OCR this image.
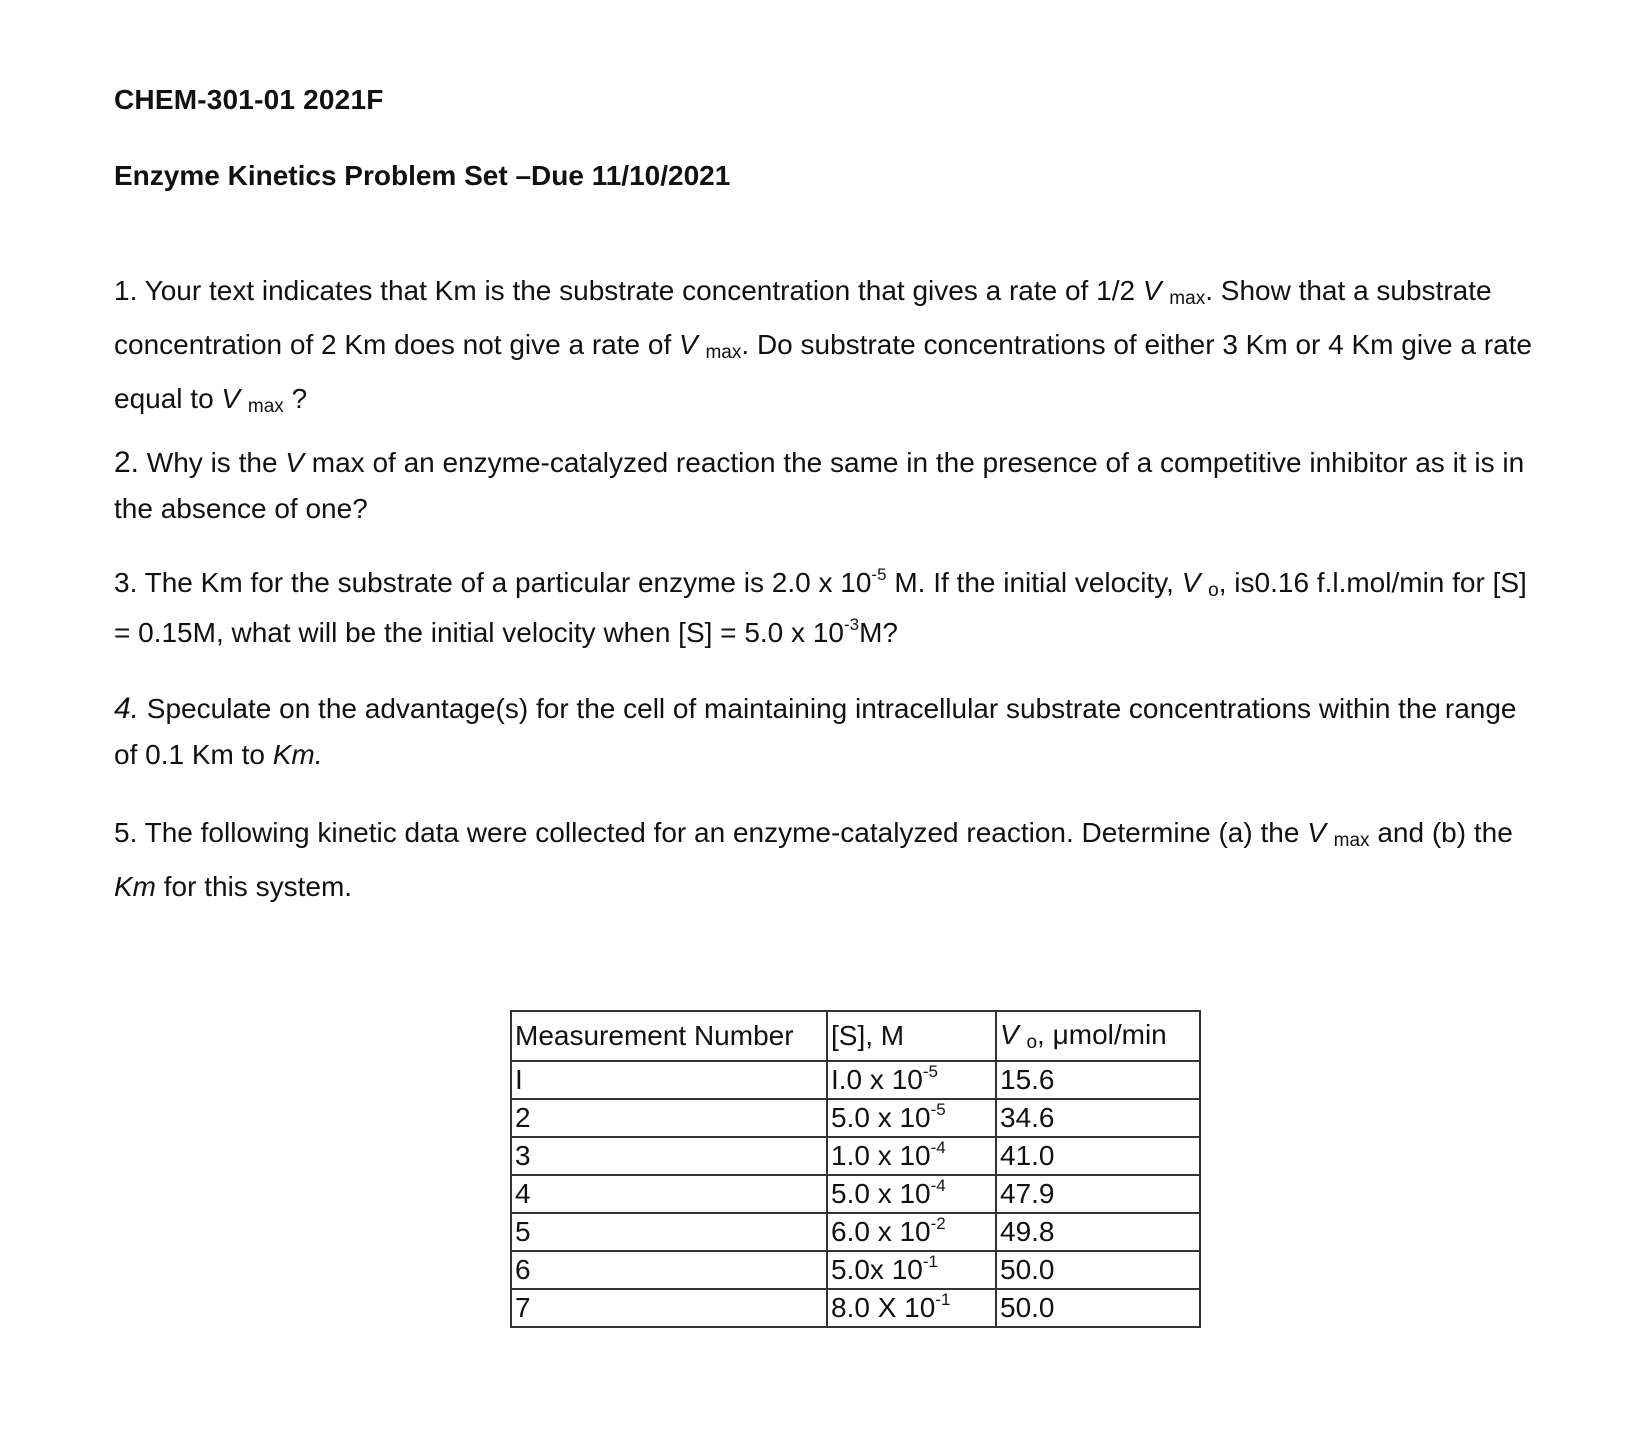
CHEM-301-01 2021F
Enzyme Kinetics Problem Set –Due 11/10/2021
1. Your text indicates that Km is the substrate concentration that gives a rate of 1/2 V $_{max}$. Show that a substrate concentration of 2 Km does not give a rate of V $_{max}$. Do substrate concentrations of either 3 Km or 4 Km give a rate equal to V $_{max}$ ?
2. Why is the V max of an enzyme-catalyzed reaction the same in the presence of a competitive inhibitor as it is in the absence of one?
3. The Km for the substrate of a particular enzyme is 2.0 x $10^{-5}$ M. If the initial velocity, V $_o$, is0.16 f.l.mol/min for [S] = 0.15M, what will be the initial velocity when [S] = 5.0 x $10^{-3}M$?
4. Speculate on the advantage(s) for the cell of maintaining intracellular substrate concentrations within the range of 0.1 Km to Km.
5. The following kinetic data were collected for an enzyme-catalyzed reaction. Determine (a) the V $_{max}$ and (b) the Km for this system.
Measurement Number	[S], M	V $_o$, μmol/min
I	I.0 x $10^{-5}$	15.6
2	5.0 x $10^{-5}$	34.6
3	1.0 x $10^{-4}$	41.0
4	5.0 x $10^{-4}$	47.9
5	6.0 x $10^{-2}$	49.8
6	5.0x $10^{-1}$	50.0
7	8.0 X $10^{-1}$	50.0
